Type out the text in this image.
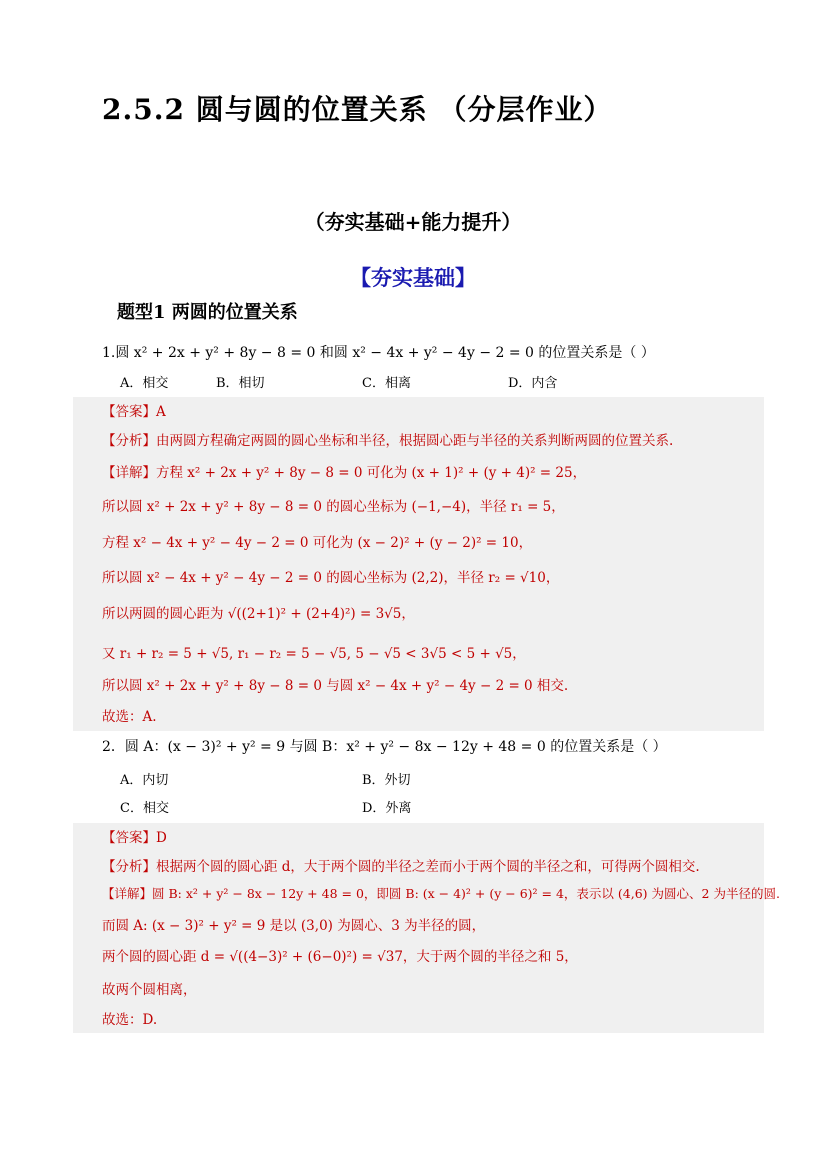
2.5.2 圆与圆的位置关系 （分层作业）
（夯实基础+能力提升）
【夯实基础】
题型1 两圆的位置关系
1.圆 x² + 2x + y² + 8y − 8 = 0 和圆 x² − 4x + y² − 4y − 2 = 0 的位置关系是（ ）
A．相交	B．相切	C．相离	D．内含
【答案】A
【分析】由两圆方程确定两圆的圆心坐标和半径，根据圆心距与半径的关系判断两圆的位置关系.
【详解】方程 x² + 2x + y² + 8y − 8 = 0 可化为 (x + 1)² + (y + 4)² = 25，
所以圆 x² + 2x + y² + 8y − 8 = 0 的圆心坐标为 (−1,−4)，半径 r₁ = 5，
方程 x² − 4x + y² − 4y − 2 = 0 可化为 (x − 2)² + (y − 2)² = 10，
所以圆 x² − 4x + y² − 4y − 2 = 0 的圆心坐标为 (2,2)，半径 r₂ = √10，
所以两圆的圆心距为 √((2+1)² + (2+4)²) = 3√5，
又 r₁ + r₂ = 5 + √5, r₁ − r₂ = 5 − √5, 5 − √5 < 3√5 < 5 + √5，
所以圆 x² + 2x + y² + 8y − 8 = 0 与圆 x² − 4x + y² − 4y − 2 = 0 相交.
故选：A.
2．圆 A：(x − 3)² + y² = 9 与圆 B：x² + y² − 8x − 12y + 48 = 0 的位置关系是（ ）
A．内切	B．外切
C．相交	D．外离
【答案】D
【分析】根据两个圆的圆心距 d，大于两个圆的半径之差而小于两个圆的半径之和，可得两个圆相交.
【详解】圆 B: x² + y² − 8x − 12y + 48 = 0，即圆 B: (x − 4)² + (y − 6)² = 4，表示以 (4,6) 为圆心、2 为半径的圆.
而圆 A: (x − 3)² + y² = 9 是以 (3,0) 为圆心、3 为半径的圆，
两个圆的圆心距 d = √((4−3)² + (6−0)²) = √37，大于两个圆的半径之和 5，
故两个圆相离，
故选：D.
